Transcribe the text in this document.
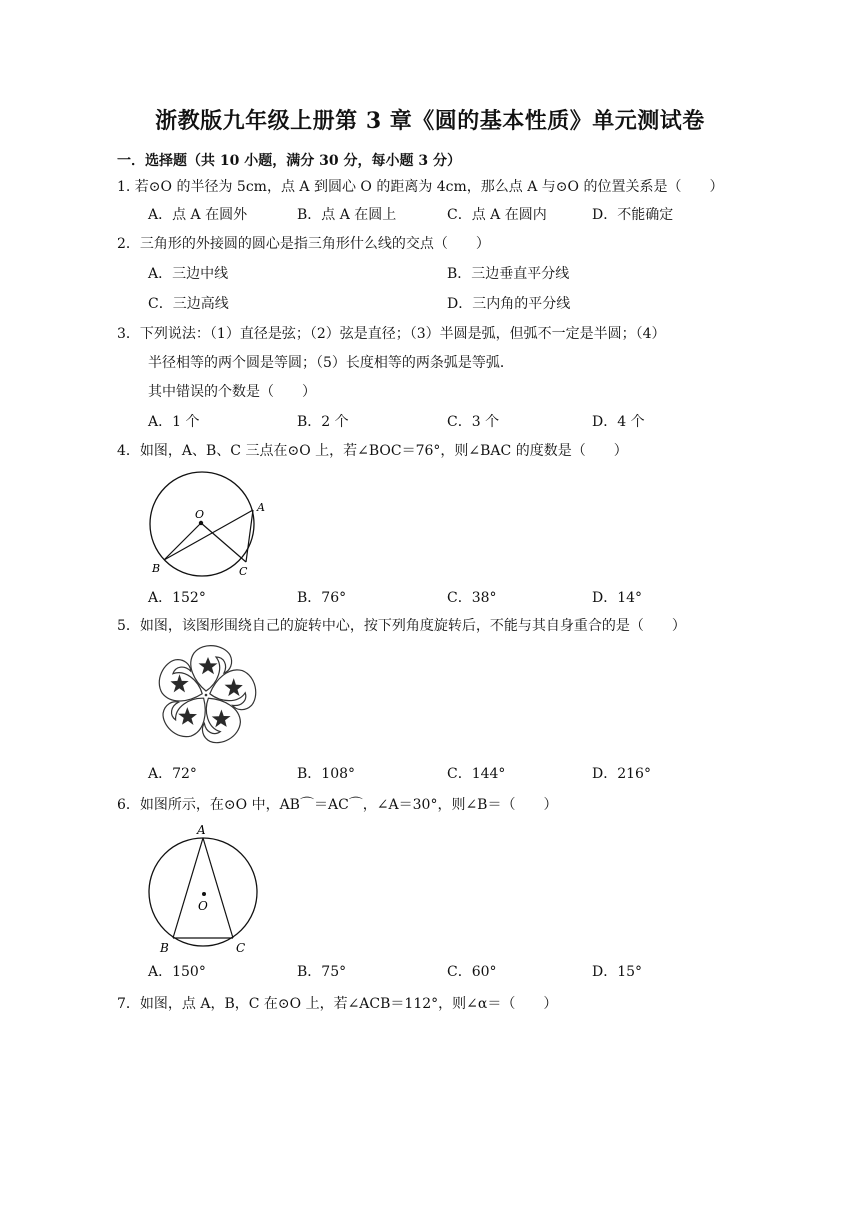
浙教版九年级上册第 3 章《圆的基本性质》单元测试卷
一．选择题（共 10 小题，满分 30 分，每小题 3 分）
1. 若⊙O 的半径为 5cm，点 A 到圆心 O 的距离为 4cm，那么点 A 与⊙O 的位置关系是（　　）
A．点 A 在圆外	B．点 A 在圆上	C．点 A 在圆内	D．不能确定
2．三角形的外接圆的圆心是指三角形什么线的交点（　　）
A．三边中线	B．三边垂直平分线
C．三边高线	D．三内角的平分线
3．下列说法：（1）直径是弦；（2）弦是直径；（3）半圆是弧，但弧不一定是半圆；（4）
半径相等的两个圆是等圆；（5）长度相等的两条弧是等弧．
其中错误的个数是（　　）
A．1 个	B．2 个	C．3 个	D．4 个
4．如图，A、B、C 三点在⊙O 上，若∠BOC＝76°，则∠BAC 的度数是（　　）
O
A
B	C
A．152°	B．76°	C．38°	D．14°
5．如图，该图形围绕自己的旋转中心，按下列角度旋转后，不能与其自身重合的是（　　）
A．72°	B．108°	C．144°	D．216°
6．如图所示，在⊙O 中，AB⌒＝AC⌒，∠A＝30°，则∠B＝（　　）
A
O
B	C
A．150°	B．75°	C．60°	D．15°
7．如图，点 A，B，C 在⊙O 上，若∠ACB＝112°，则∠α＝（　　）
